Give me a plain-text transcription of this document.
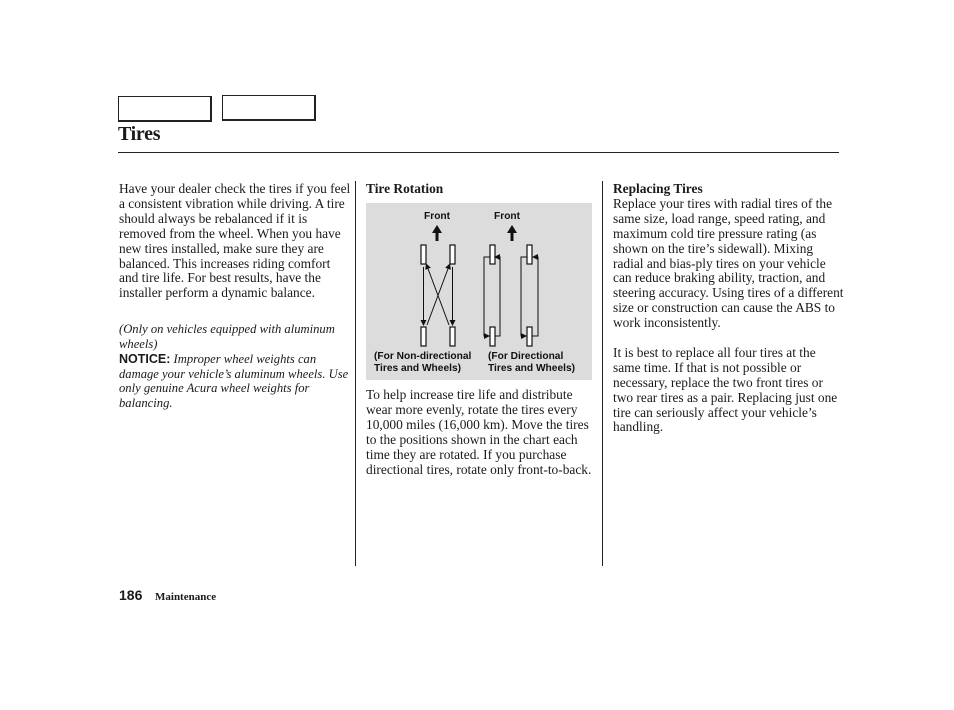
Tires

Have your dealer check the tires if you feel a consistent vibration while driving. A tire should always be rebalanced if it is removed from the wheel. When you have new tires installed, make sure they are balanced. This increases riding comfort and tire life. For best results, have the installer perform a dynamic balance.

(Only on vehicles equipped with aluminum wheels)

NOTICE: Improper wheel weights can damage your vehicle’s aluminum wheels. Use only genuine Acura wheel weights for balancing.

Tire Rotation

Front	Front
(For Non-directional
Tires and Wheels)
(For Directional
Tires and Wheels)

To help increase tire life and distribute wear more evenly, rotate the tires every 10,000 miles (16,000 km). Move the tires to the positions shown in the chart each time they are rotated. If you purchase directional tires, rotate only front-to-back.

Replacing Tires

Replace your tires with radial tires of the same size, load range, speed rating, and maximum cold tire pressure rating (as shown on the tire’s sidewall). Mixing radial and bias-ply tires on your vehicle can reduce braking ability, traction, and steering accuracy. Using tires of a different size or construction can cause the ABS to work inconsistently.

It is best to replace all four tires at the same time. If that is not possible or necessary, replace the two front tires or two rear tires as a pair. Replacing just one tire can seriously affect your vehicle’s handling.

186 Maintenance
